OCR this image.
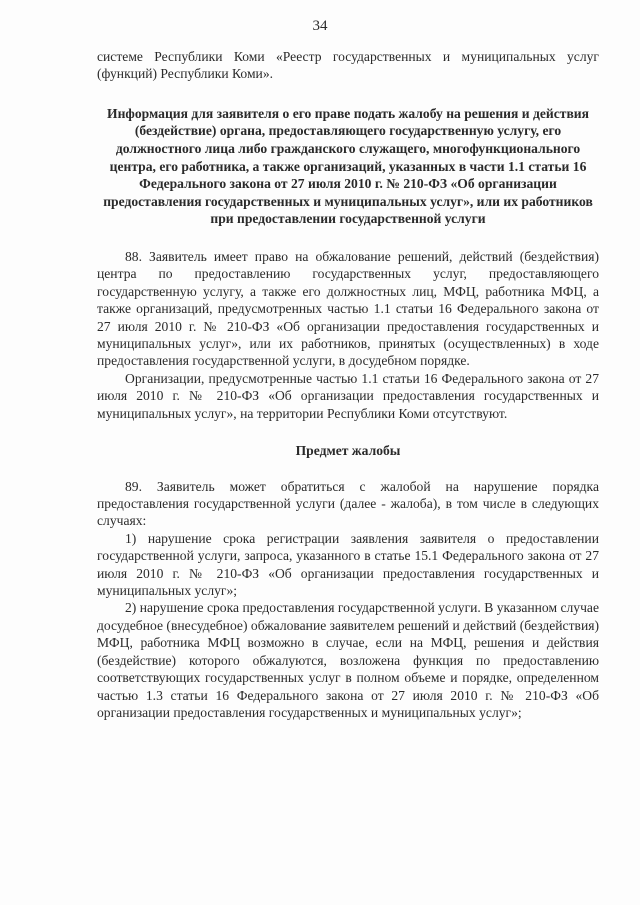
34

системе Республики Коми «Реестр государственных и муниципальных услуг (функций) Республики Коми».

Информация для заявителя о его праве подать жалобу на решения и действия (бездействие) органа, предоставляющего государственную услугу, его должностного лица либо гражданского служащего, многофункционального центра, его работника, а также организаций, указанных в части 1.1 статьи 16 Федерального закона от 27 июля 2010 г. № 210-ФЗ «Об организации предоставления государственных и муниципальных услуг», или их работников при предоставлении государственной услуги

88. Заявитель имеет право на обжалование решений, действий (бездействия) центра по предоставлению государственных услуг, предоставляющего государственную услугу, а также его должностных лиц, МФЦ, работника МФЦ, а также организаций, предусмотренных частью 1.1 статьи 16 Федерального закона от 27 июля 2010 г. № 210-ФЗ «Об организации предоставления государственных и муниципальных услуг», или их работников, принятых (осуществленных) в ходе предоставления государственной услуги, в досудебном порядке.

Организации, предусмотренные частью 1.1 статьи 16 Федерального закона от 27 июля 2010 г. № 210-ФЗ «Об организации предоставления государственных и муниципальных услуг», на территории Республики Коми отсутствуют.

Предмет жалобы

89. Заявитель может обратиться с жалобой на нарушение порядка предоставления государственной услуги (далее - жалоба), в том числе в следующих случаях:

1) нарушение срока регистрации заявления заявителя о предоставлении государственной услуги, запроса, указанного в статье 15.1 Федерального закона от 27 июля 2010 г. № 210-ФЗ «Об организации предоставления государственных и муниципальных услуг»;

2) нарушение срока предоставления государственной услуги. В указанном случае досудебное (внесудебное) обжалование заявителем решений и действий (бездействия) МФЦ, работника МФЦ возможно в случае, если на МФЦ, решения и действия (бездействие) которого обжалуются, возложена функция по предоставлению соответствующих государственных услуг в полном объеме и порядке, определенном частью 1.3 статьи 16 Федерального закона от 27 июля 2010 г. № 210-ФЗ «Об организации предоставления государственных и муниципальных услуг»;
